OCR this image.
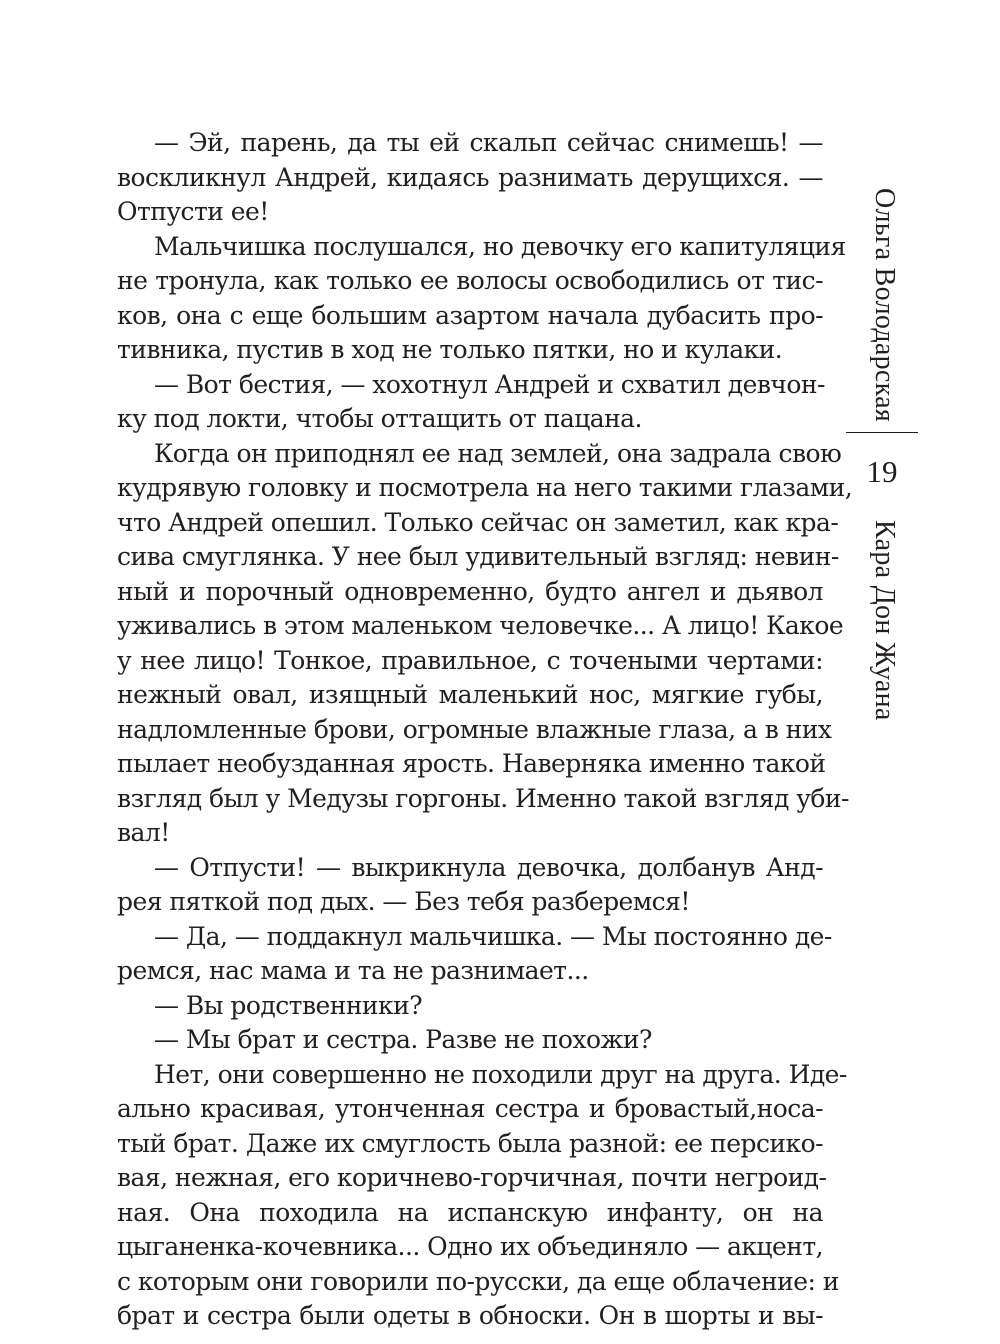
— Эй, парень, да ты ей скальп сейчас снимешь! —
воскликнул Андрей, кидаясь разнимать дерущихся. —
Отпусти ее!
Мальчишка послушался, но девочку его капитуляция
не тронула, как только ее волосы освободились от тис-
ков, она с еще большим азартом начала дубасить про-
тивника, пустив в ход не только пятки, но и кулаки.
— Вот бестия, — хохотнул Андрей и схватил девчон-
ку под локти, чтобы оттащить от пацана.
Когда он приподнял ее над землей, она задрала свою
кудрявую головку и посмотрела на него такими глазами,
что Андрей опешил. Только сейчас он заметил, как кра-
сива смуглянка. У нее был удивительный взгляд: невин-
ный и порочный одновременно, будто ангел и дьявол
уживались в этом маленьком человечке... А лицо! Какое
у нее лицо! Тонкое, правильное, с точеными чертами:
нежный овал, изящный маленький нос, мягкие губы,
надломленные брови, огромные влажные глаза, а в них
пылает необузданная ярость. Наверняка именно такой
взгляд был у Медузы горгоны. Именно такой взгляд уби-
вал!
— Отпусти! — выкрикнула девочка, долбанув Анд-
рея пяткой под дых. — Без тебя разберемся!
— Да, — поддакнул мальчишка. — Мы постоянно де-
ремся, нас мама и та не разнимает...
— Вы родственники?
— Мы брат и сестра. Разве не похожи?
Нет, они совершенно не походили друг на друга. Иде-
ально красивая, утонченная сестра и бровастый,носа-
тый брат. Даже их смуглость была разной: ее персико-
вая, нежная, его коричнево-горчичная, почти негроид-
ная. Она походила на испанскую инфанту, он на
цыганенка-кочевника... Одно их объединяло — акцент,
с которым они говорили по-русски, да еще облачение: и
брат и сестра были одеты в обноски. Он в шорты и вы-
Ольга Володарская
19
Кара Дон Жуана
